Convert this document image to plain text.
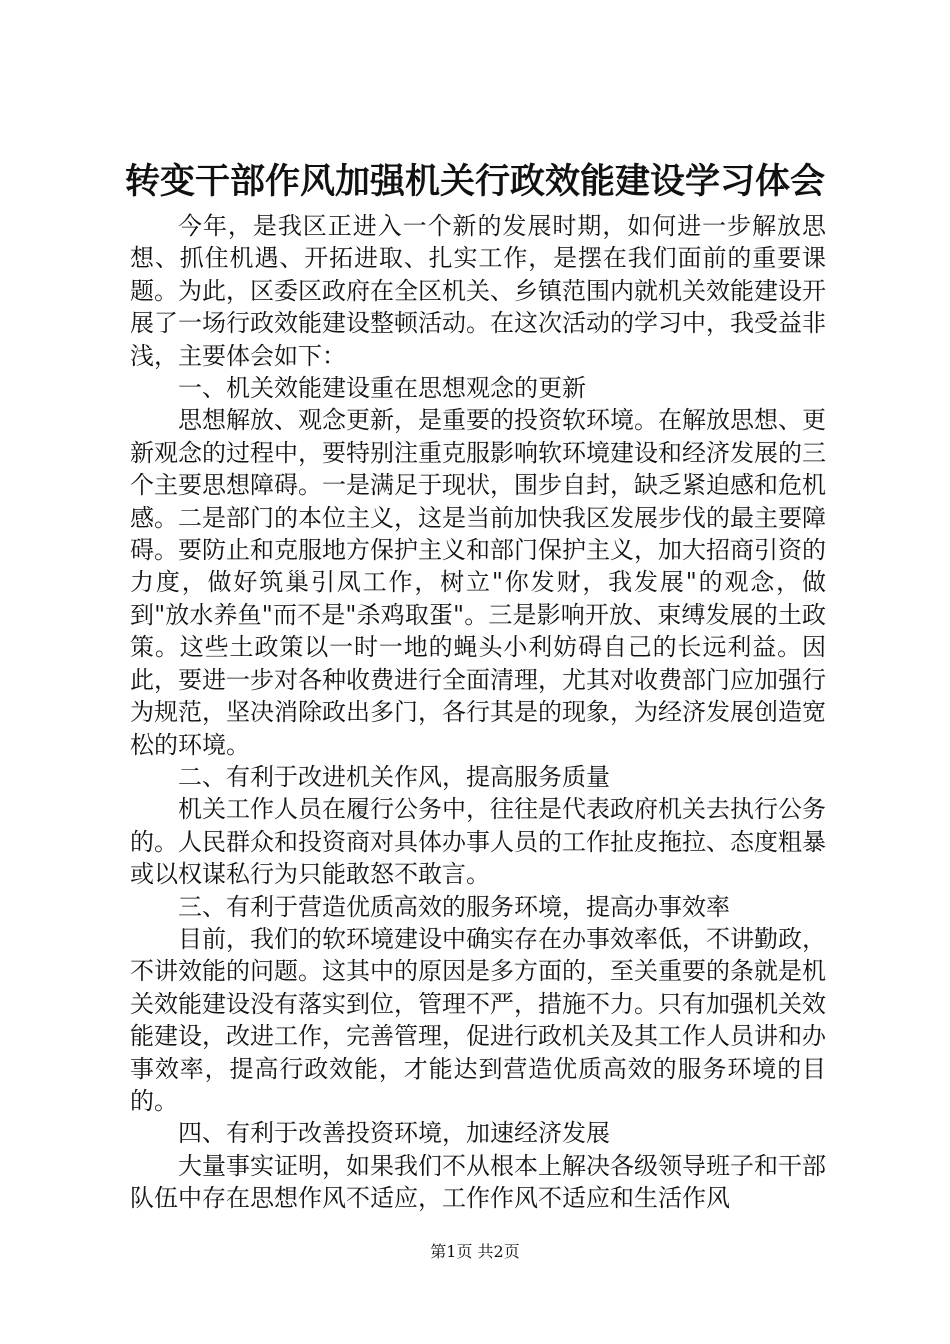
转变干部作风加强机关行政效能建设学习体会

今年，是我区正进入一个新的发展时期，如何进一步解放思想、抓住机遇、开拓进取、扎实工作，是摆在我们面前的重要课题。为此，区委区政府在全区机关、乡镇范围内就机关效能建设开展了一场行政效能建设整顿活动。在这次活动的学习中，我受益非浅，主要体会如下：

一、机关效能建设重在思想观念的更新

思想解放、观念更新，是重要的投资软环境。在解放思想、更新观念的过程中，要特别注重克服影响软环境建设和经济发展的三个主要思想障碍。一是满足于现状，围步自封，缺乏紧迫感和危机感。二是部门的本位主义，这是当前加快我区发展步伐的最主要障碍。要防止和克服地方保护主义和部门保护主义，加大招商引资的力度，做好筑巢引凤工作，树立"你发财，我发展"的观念，做到"放水养鱼"而不是"杀鸡取蛋"。三是影响开放、束缚发展的土政策。这些土政策以一时一地的蝇头小利妨碍自己的长远利益。因此，要进一步对各种收费进行全面清理，尤其对收费部门应加强行为规范，坚决消除政出多门，各行其是的现象，为经济发展创造宽松的环境。

二、有利于改进机关作风，提高服务质量

机关工作人员在履行公务中，往往是代表政府机关去执行公务的。人民群众和投资商对具体办事人员的工作扯皮拖拉、态度粗暴或以权谋私行为只能敢怒不敢言。

三、有利于营造优质高效的服务环境，提高办事效率

目前，我们的软环境建设中确实存在办事效率低，不讲勤政，不讲效能的问题。这其中的原因是多方面的，至关重要的条就是机关效能建设没有落实到位，管理不严，措施不力。只有加强机关效能建设，改进工作，完善管理，促进行政机关及其工作人员讲和办事效率，提高行政效能，才能达到营造优质高效的服务环境的目的。

四、有利于改善投资环境，加速经济发展

大量事实证明，如果我们不从根本上解决各级领导班子和干部队伍中存在思想作风不适应，工作作风不适应和生活作风

第1页 共2页
